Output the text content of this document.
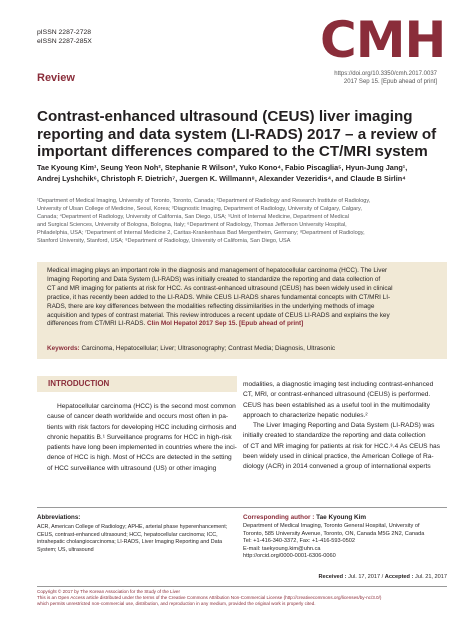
pISSN 2287-2728
eISSN 2287-285X
Review
CMH
https://doi.org/10.3350/cmh.2017.0037
2017 Sep 15. [Epub ahead of print]
Contrast-enhanced ultrasound (CEUS) liver imaging
reporting and data system (LI-RADS) 2017 – a review of
important differences compared to the CT/MRI system
Tae Kyoung Kim¹, Seung Yeon Noh², Stephanie R Wilson³, Yuko Kono⁴, Fabio Piscaglia⁵, Hyun-Jung Jang¹,
Andrej Lyshchik⁶, Christoph F. Dietrich⁷, Juergen K. Willmann⁸, Alexander Vezeridis⁴, and Claude B Sirlin⁴
¹Department of Medical Imaging, University of Toronto, Toronto, Canada; ²Department of Radiology and Research Institute of Radiology,
University of Ulsan College of Medicine, Seoul, Korea; ³Diagnostic Imaging, Department of Radiology, University of Calgary, Calgary,
Canada; ⁴Department of Radiology, University of California, San Diego, USA; ⁵Unit of Internal Medicine, Department of Medical
and Surgical Sciences, University of Bologna, Bologna, Italy; ⁶Department of Radiology, Thomas Jefferson University Hospital,
Philadelphia, USA; ⁷Department of Internal Medicine 2, Caritas-Krankenhaus Bad Mergentheim, Germany; ⁸Department of Radiology,
Stanford University, Stanford, USA; ⁹Department of Radiology, University of California, San Diego, USA
Medical imaging plays an important role in the diagnosis and management of hepatocellular carcinoma (HCC). The Liver
Imaging Reporting and Data System (LI-RADS) was initially created to standardize the reporting and data collection of
CT and MR imaging for patients at risk for HCC. As contrast-enhanced ultrasound (CEUS) has been widely used in clinical
practice, it has recently been added to the LI-RADS. While CEUS LI-RADS shares fundamental concepts with CT/MRI LI-
RADS, there are key differences between the modalities reflecting dissimilarities in the underlying methods of image
acquisition and types of contrast material. This review introduces a recent update of CEUS LI-RADS and explains the key
differences from CT/MRI LI-RADS. Clin Mol Hepatol 2017 Sep 15. [Epub ahead of print]
Keywords: Carcinoma, Hepatocellular; Liver; Ultrasonography; Contrast Media; Diagnosis, Ultrasonic
INTRODUCTION
Hepatocellular carcinoma (HCC) is the second most common
cause of cancer death worldwide and occurs most often in pa-
tients with risk factors for developing HCC including cirrhosis and
chronic hepatitis B.¹ Surveillance programs for HCC in high-risk
patients have long been implemented in countries where the inci-
dence of HCC is high. Most of HCCs are detected in the setting
of HCC surveillance with ultrasound (US) or other imaging
modalities, a diagnostic imaging test including contrast-enhanced
CT, MRI, or contrast-enhanced ultrasound (CEUS) is performed.
CEUS has been established as a useful tool in the multimodality
approach to characterize hepatic nodules.²
The Liver Imaging Reporting and Data System (LI-RADS) was
initially created to standardize the reporting and data collection
of CT and MR imaging for patients at risk for HCC.³˒4 As CEUS has
been widely used in clinical practice, the American College of Ra-
diology (ACR) in 2014 convened a group of international experts
Abbreviations:
ACR, American College of Radiology; APHE, arterial phase hyperenhancement;
CEUS, contrast-enhanced ultrasound; HCC, hepatocellular carcinoma; ICC,
intrahepatic cholangiocarcinoma; LI-RADS, Liver Imaging Reporting and Data
System; US, ultrasound
Corresponding author : Tae Kyoung Kim
Department of Medical Imaging, Toronto General Hospital, University of
Toronto, 585 University Avenue, Toronto, ON, Canada M5G 2N2, Canada
Tel: +1-416-340-3372, Fax: +1-416-593-0502
E-mail: taekyoung.kim@uhn.ca
http://orcid.org/0000-0001-6306-0060
Received : Jul. 17, 2017 / Accepted : Jul. 21, 2017
Copyright © 2017 by The Korean Association for the Study of the Liver
This is an Open Access article distributed under the terms of the Creative Commons Attribution Non-Commercial License (http://creativecommons.org/licenses/by-nc/3.0/)
which permits unrestricted non-commercial use, distribution, and reproduction in any medium, provided the original work is properly cited.
